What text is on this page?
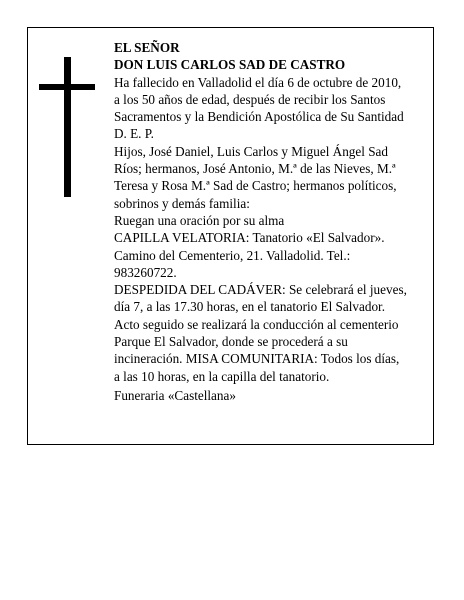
EL SEÑOR
DON LUIS CARLOS SAD DE CASTRO
Ha fallecido en Valladolid el día 6 de octubre de 2010,
a los 50 años de edad, después de recibir los Santos
Sacramentos y la Bendición Apostólica de Su Santidad
D. E. P.
Hijos, José Daniel, Luis Carlos y Miguel Ángel Sad
Ríos; hermanos, José Antonio, M.ª de las Nieves, M.ª
Teresa y Rosa M.ª Sad de Castro; hermanos políticos,
sobrinos y demás familia:
Ruegan una oración por su alma
CAPILLA VELATORIA: Tanatorio «El Salvador».
Camino del Cementerio, 21. Valladolid. Tel.:
983260722.
DESPEDIDA DEL CADÁVER: Se celebrará el jueves,
día 7, a las 17.30 horas, en el tanatorio El Salvador.
Acto seguido se realizará la conducción al cementerio
Parque El Salvador, donde se procederá a su
incineración. MISA COMUNITARIA: Todos los días,
a las 10 horas, en la capilla del tanatorio.
Funeraria «Castellana»
